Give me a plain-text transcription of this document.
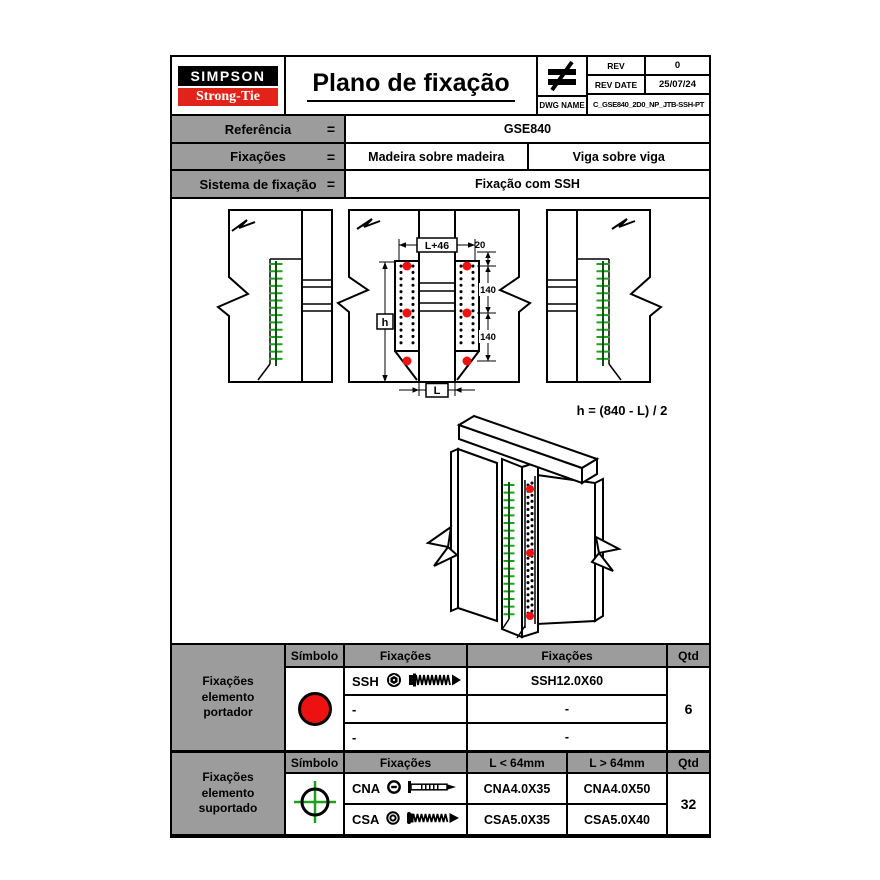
SIMPSON
Strong-Tie	Plano de fixação
DWG NAME
REV	0
REV DATE	25/07/24
C_GSE840_2D0_NP_JTB-SSH-PT
Referência	=	GSE840
Fixações	=	Madeira sobre madeira	Viga sobre viga
Sistema de fixação =	Fixação com SSH
L+46	20
140
140
h
L
h = (840 - L) / 2
Fixações elemento portador
Símbolo	Fixações	Fixações	Qtd
SSH	SSH12.0X60
-	-
-	-
6
Fixações elemento suportado
Símbolo	Fixações	L < 64mm	L > 64mm	Qtd
CNA	CNA4.0X35	CNA4.0X50
CSA	CSA5.0X35	CSA5.0X40
32
